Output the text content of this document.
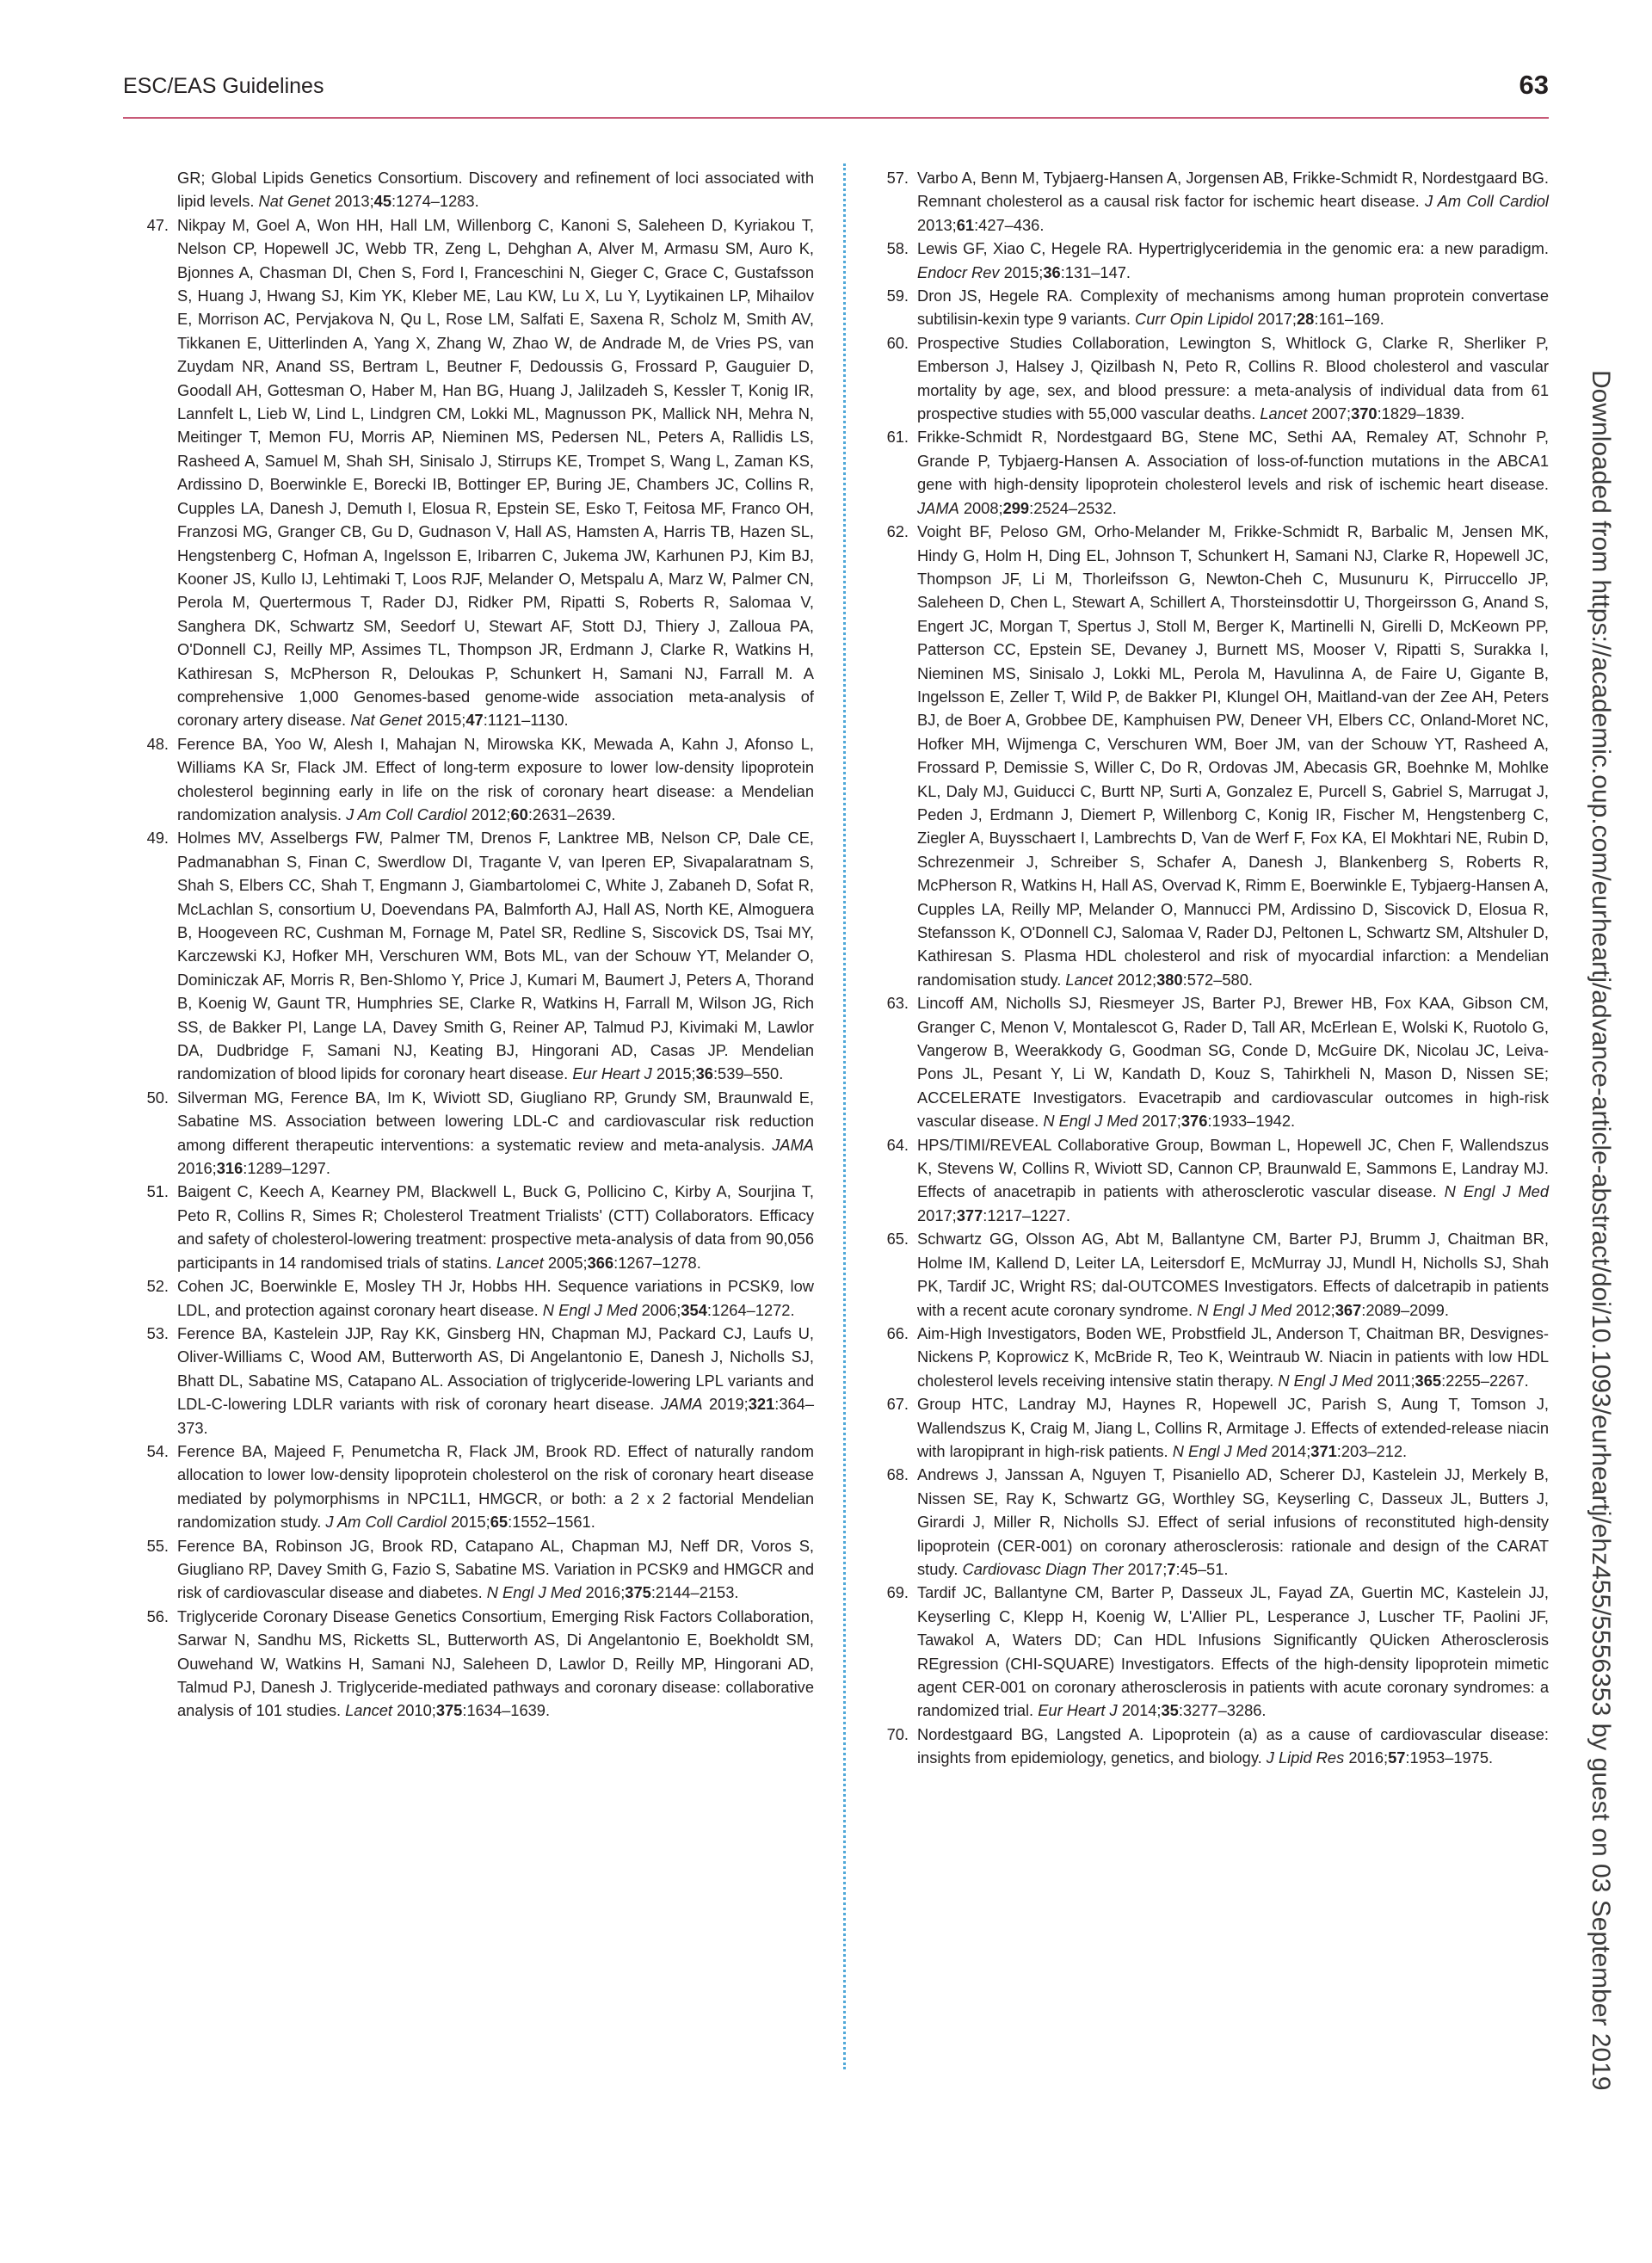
ESC/EAS Guidelines	63

GR; Global Lipids Genetics Consortium. Discovery and refinement of loci associated with lipid levels. Nat Genet 2013;45:1274–1283.

47. Nikpay M, Goel A, Won HH, Hall LM, Willenborg C, Kanoni S, Saleheen D, Kyriakou T, Nelson CP, Hopewell JC, Webb TR, Zeng L, Dehghan A, Alver M, Armasu SM, Auro K, Bjonnes A, Chasman DI, Chen S, Ford I, Franceschini N, Gieger C, Grace C, Gustafsson S, Huang J, Hwang SJ, Kim YK, Kleber ME, Lau KW, Lu X, Lu Y, Lyytikainen LP, Mihailov E, Morrison AC, Pervjakova N, Qu L, Rose LM, Salfati E, Saxena R, Scholz M, Smith AV, Tikkanen E, Uitterlinden A, Yang X, Zhang W, Zhao W, de Andrade M, de Vries PS, van Zuydam NR, Anand SS, Bertram L, Beutner F, Dedoussis G, Frossard P, Gauguier D, Goodall AH, Gottesman O, Haber M, Han BG, Huang J, Jalilzadeh S, Kessler T, Konig IR, Lannfelt L, Lieb W, Lind L, Lindgren CM, Lokki ML, Magnusson PK, Mallick NH, Mehra N, Meitinger T, Memon FU, Morris AP, Nieminen MS, Pedersen NL, Peters A, Rallidis LS, Rasheed A, Samuel M, Shah SH, Sinisalo J, Stirrups KE, Trompet S, Wang L, Zaman KS, Ardissino D, Boerwinkle E, Borecki IB, Bottinger EP, Buring JE, Chambers JC, Collins R, Cupples LA, Danesh J, Demuth I, Elosua R, Epstein SE, Esko T, Feitosa MF, Franco OH, Franzosi MG, Granger CB, Gu D, Gudnason V, Hall AS, Hamsten A, Harris TB, Hazen SL, Hengstenberg C, Hofman A, Ingelsson E, Iribarren C, Jukema JW, Karhunen PJ, Kim BJ, Kooner JS, Kullo IJ, Lehtimaki T, Loos RJF, Melander O, Metspalu A, Marz W, Palmer CN, Perola M, Quertermous T, Rader DJ, Ridker PM, Ripatti S, Roberts R, Salomaa V, Sanghera DK, Schwartz SM, Seedorf U, Stewart AF, Stott DJ, Thiery J, Zalloua PA, O'Donnell CJ, Reilly MP, Assimes TL, Thompson JR, Erdmann J, Clarke R, Watkins H, Kathiresan S, McPherson R, Deloukas P, Schunkert H, Samani NJ, Farrall M. A comprehensive 1,000 Genomes-based genome-wide association meta-analysis of coronary artery disease. Nat Genet 2015;47:1121–1130.

48. Ference BA, Yoo W, Alesh I, Mahajan N, Mirowska KK, Mewada A, Kahn J, Afonso L, Williams KA Sr, Flack JM. Effect of long-term exposure to lower low-density lipoprotein cholesterol beginning early in life on the risk of coronary heart disease: a Mendelian randomization analysis. J Am Coll Cardiol 2012;60:2631–2639.

49. Holmes MV, Asselbergs FW, Palmer TM, Drenos F, Lanktree MB, Nelson CP, Dale CE, Padmanabhan S, Finan C, Swerdlow DI, Tragante V, van Iperen EP, Sivapalaratnam S, Shah S, Elbers CC, Shah T, Engmann J, Giambartolomei C, White J, Zabaneh D, Sofat R, McLachlan S, consortium U, Doevendans PA, Balmforth AJ, Hall AS, North KE, Almoguera B, Hoogeveen RC, Cushman M, Fornage M, Patel SR, Redline S, Siscovick DS, Tsai MY, Karczewski KJ, Hofker MH, Verschuren WM, Bots ML, van der Schouw YT, Melander O, Dominiczak AF, Morris R, Ben-Shlomo Y, Price J, Kumari M, Baumert J, Peters A, Thorand B, Koenig W, Gaunt TR, Humphries SE, Clarke R, Watkins H, Farrall M, Wilson JG, Rich SS, de Bakker PI, Lange LA, Davey Smith G, Reiner AP, Talmud PJ, Kivimaki M, Lawlor DA, Dudbridge F, Samani NJ, Keating BJ, Hingorani AD, Casas JP. Mendelian randomization of blood lipids for coronary heart disease. Eur Heart J 2015;36:539–550.

50. Silverman MG, Ference BA, Im K, Wiviott SD, Giugliano RP, Grundy SM, Braunwald E, Sabatine MS. Association between lowering LDL-C and cardiovascular risk reduction among different therapeutic interventions: a systematic review and meta-analysis. JAMA 2016;316:1289–1297.

51. Baigent C, Keech A, Kearney PM, Blackwell L, Buck G, Pollicino C, Kirby A, Sourjina T, Peto R, Collins R, Simes R; Cholesterol Treatment Trialists' (CTT) Collaborators. Efficacy and safety of cholesterol-lowering treatment: prospective meta-analysis of data from 90,056 participants in 14 randomised trials of statins. Lancet 2005;366:1267–1278.

52. Cohen JC, Boerwinkle E, Mosley TH Jr, Hobbs HH. Sequence variations in PCSK9, low LDL, and protection against coronary heart disease. N Engl J Med 2006;354:1264–1272.

53. Ference BA, Kastelein JJP, Ray KK, Ginsberg HN, Chapman MJ, Packard CJ, Laufs U, Oliver-Williams C, Wood AM, Butterworth AS, Di Angelantonio E, Danesh J, Nicholls SJ, Bhatt DL, Sabatine MS, Catapano AL. Association of triglyceride-lowering LPL variants and LDL-C-lowering LDLR variants with risk of coronary heart disease. JAMA 2019;321:364–373.

54. Ference BA, Majeed F, Penumetcha R, Flack JM, Brook RD. Effect of naturally random allocation to lower low-density lipoprotein cholesterol on the risk of coronary heart disease mediated by polymorphisms in NPC1L1, HMGCR, or both: a 2 x 2 factorial Mendelian randomization study. J Am Coll Cardiol 2015;65:1552–1561.

55. Ference BA, Robinson JG, Brook RD, Catapano AL, Chapman MJ, Neff DR, Voros S, Giugliano RP, Davey Smith G, Fazio S, Sabatine MS. Variation in PCSK9 and HMGCR and risk of cardiovascular disease and diabetes. N Engl J Med 2016;375:2144–2153.

56. Triglyceride Coronary Disease Genetics Consortium, Emerging Risk Factors Collaboration, Sarwar N, Sandhu MS, Ricketts SL, Butterworth AS, Di Angelantonio E, Boekholdt SM, Ouwehand W, Watkins H, Samani NJ, Saleheen D, Lawlor D, Reilly MP, Hingorani AD, Talmud PJ, Danesh J. Triglyceride-mediated pathways and coronary disease: collaborative analysis of 101 studies. Lancet 2010;375:1634–1639.

57. Varbo A, Benn M, Tybjaerg-Hansen A, Jorgensen AB, Frikke-Schmidt R, Nordestgaard BG. Remnant cholesterol as a causal risk factor for ischemic heart disease. J Am Coll Cardiol 2013;61:427–436.

58. Lewis GF, Xiao C, Hegele RA. Hypertriglyceridemia in the genomic era: a new paradigm. Endocr Rev 2015;36:131–147.

59. Dron JS, Hegele RA. Complexity of mechanisms among human proprotein convertase subtilisin-kexin type 9 variants. Curr Opin Lipidol 2017;28:161–169.

60. Prospective Studies Collaboration, Lewington S, Whitlock G, Clarke R, Sherliker P, Emberson J, Halsey J, Qizilbash N, Peto R, Collins R. Blood cholesterol and vascular mortality by age, sex, and blood pressure: a meta-analysis of individual data from 61 prospective studies with 55,000 vascular deaths. Lancet 2007;370:1829–1839.

61. Frikke-Schmidt R, Nordestgaard BG, Stene MC, Sethi AA, Remaley AT, Schnohr P, Grande P, Tybjaerg-Hansen A. Association of loss-of-function mutations in the ABCA1 gene with high-density lipoprotein cholesterol levels and risk of ischemic heart disease. JAMA 2008;299:2524–2532.

62. Voight BF, Peloso GM, Orho-Melander M, Frikke-Schmidt R, Barbalic M, Jensen MK, Hindy G, Holm H, Ding EL, Johnson T, Schunkert H, Samani NJ, Clarke R, Hopewell JC, Thompson JF, Li M, Thorleifsson G, Newton-Cheh C, Musunuru K, Pirruccello JP, Saleheen D, Chen L, Stewart A, Schillert A, Thorsteinsdottir U, Thorgeirsson G, Anand S, Engert JC, Morgan T, Spertus J, Stoll M, Berger K, Martinelli N, Girelli D, McKeown PP, Patterson CC, Epstein SE, Devaney J, Burnett MS, Mooser V, Ripatti S, Surakka I, Nieminen MS, Sinisalo J, Lokki ML, Perola M, Havulinna A, de Faire U, Gigante B, Ingelsson E, Zeller T, Wild P, de Bakker PI, Klungel OH, Maitland-van der Zee AH, Peters BJ, de Boer A, Grobbee DE, Kamphuisen PW, Deneer VH, Elbers CC, Onland-Moret NC, Hofker MH, Wijmenga C, Verschuren WM, Boer JM, van der Schouw YT, Rasheed A, Frossard P, Demissie S, Willer C, Do R, Ordovas JM, Abecasis GR, Boehnke M, Mohlke KL, Daly MJ, Guiducci C, Burtt NP, Surti A, Gonzalez E, Purcell S, Gabriel S, Marrugat J, Peden J, Erdmann J, Diemert P, Willenborg C, Konig IR, Fischer M, Hengstenberg C, Ziegler A, Buysschaert I, Lambrechts D, Van de Werf F, Fox KA, El Mokhtari NE, Rubin D, Schrezenmeir J, Schreiber S, Schafer A, Danesh J, Blankenberg S, Roberts R, McPherson R, Watkins H, Hall AS, Overvad K, Rimm E, Boerwinkle E, Tybjaerg-Hansen A, Cupples LA, Reilly MP, Melander O, Mannucci PM, Ardissino D, Siscovick D, Elosua R, Stefansson K, O'Donnell CJ, Salomaa V, Rader DJ, Peltonen L, Schwartz SM, Altshuler D, Kathiresan S. Plasma HDL cholesterol and risk of myocardial infarction: a Mendelian randomisation study. Lancet 2012;380:572–580.

63. Lincoff AM, Nicholls SJ, Riesmeyer JS, Barter PJ, Brewer HB, Fox KAA, Gibson CM, Granger C, Menon V, Montalescot G, Rader D, Tall AR, McErlean E, Wolski K, Ruotolo G, Vangerow B, Weerakkody G, Goodman SG, Conde D, McGuire DK, Nicolau JC, Leiva-Pons JL, Pesant Y, Li W, Kandath D, Kouz S, Tahirkheli N, Mason D, Nissen SE; ACCELERATE Investigators. Evacetrapib and cardiovascular outcomes in high-risk vascular disease. N Engl J Med 2017;376:1933–1942.

64. HPS/TIMI/REVEAL Collaborative Group, Bowman L, Hopewell JC, Chen F, Wallendszus K, Stevens W, Collins R, Wiviott SD, Cannon CP, Braunwald E, Sammons E, Landray MJ. Effects of anacetrapib in patients with atherosclerotic vascular disease. N Engl J Med 2017;377:1217–1227.

65. Schwartz GG, Olsson AG, Abt M, Ballantyne CM, Barter PJ, Brumm J, Chaitman BR, Holme IM, Kallend D, Leiter LA, Leitersdorf E, McMurray JJ, Mundl H, Nicholls SJ, Shah PK, Tardif JC, Wright RS; dal-OUTCOMES Investigators. Effects of dalcetrapib in patients with a recent acute coronary syndrome. N Engl J Med 2012;367:2089–2099.

66. Aim-High Investigators, Boden WE, Probstfield JL, Anderson T, Chaitman BR, Desvignes-Nickens P, Koprowicz K, McBride R, Teo K, Weintraub W. Niacin in patients with low HDL cholesterol levels receiving intensive statin therapy. N Engl J Med 2011;365:2255–2267.

67. Group HTC, Landray MJ, Haynes R, Hopewell JC, Parish S, Aung T, Tomson J, Wallendszus K, Craig M, Jiang L, Collins R, Armitage J. Effects of extended-release niacin with laropiprant in high-risk patients. N Engl J Med 2014;371:203–212.

68. Andrews J, Janssan A, Nguyen T, Pisaniello AD, Scherer DJ, Kastelein JJ, Merkely B, Nissen SE, Ray K, Schwartz GG, Worthley SG, Keyserling C, Dasseux JL, Butters J, Girardi J, Miller R, Nicholls SJ. Effect of serial infusions of reconstituted high-density lipoprotein (CER-001) on coronary atherosclerosis: rationale and design of the CARAT study. Cardiovasc Diagn Ther 2017;7:45–51.

69. Tardif JC, Ballantyne CM, Barter P, Dasseux JL, Fayad ZA, Guertin MC, Kastelein JJ, Keyserling C, Klepp H, Koenig W, L'Allier PL, Lesperance J, Luscher TF, Paolini JF, Tawakol A, Waters DD; Can HDL Infusions Significantly QUicken Atherosclerosis REgression (CHI-SQUARE) Investigators. Effects of the high-density lipoprotein mimetic agent CER-001 on coronary atherosclerosis in patients with acute coronary syndromes: a randomized trial. Eur Heart J 2014;35:3277–3286.

70. Nordestgaard BG, Langsted A. Lipoprotein (a) as a cause of cardiovascular disease: insights from epidemiology, genetics, and biology. J Lipid Res 2016;57:1953–1975.	Downloaded from https://academic.oup.com/eurheartj/advance-article-abstract/doi/10.1093/eurheartj/ehz455/5556353 by guest on 03 September 2019
